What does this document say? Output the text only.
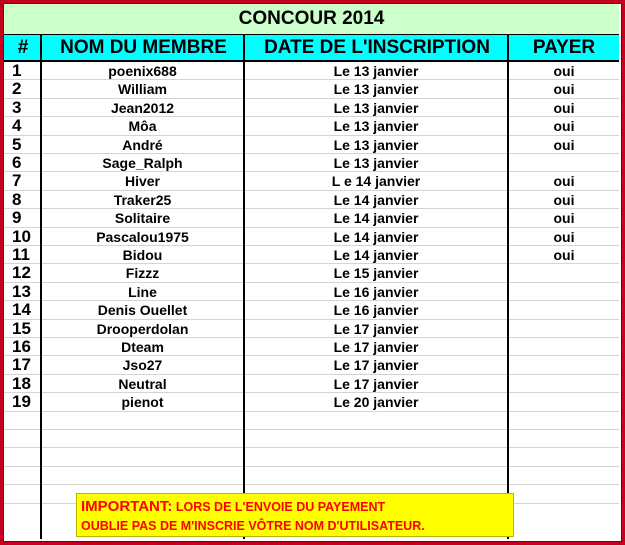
CONCOUR 2014
#	NOM DU MEMBRE	DATE DE L'INSCRIPTION	PAYER
1	poenix688	Le 13 janvier	oui
2	William	Le 13 janvier	oui
3	Jean2012	Le 13 janvier	oui
4	Môa	Le 13 janvier	oui
5	André	Le 13 janvier	oui
6	Sage_Ralph	Le 13 janvier
7	Hiver	L e 14 janvier	oui
8	Traker25	Le 14 janvier	oui
9	Solitaire	Le 14 janvier	oui
10	Pascalou1975	Le 14 janvier	oui
11	Bidou	Le 14 janvier	oui
12	Fizzz	Le 15 janvier
13	Line	Le 16 janvier
14	Denis Ouellet	Le 16 janvier
15	Drooperdolan	Le 17 janvier
16	Dteam	Le 17 janvier
17	Jso27	Le 17 janvier
18	Neutral	Le 17 janvier
19	pienot	Le 20 janvier
IMPORTANT: LORS DE L'ENVOIE DU PAYEMENT
OUBLIE PAS DE M'INSCRIE VÔTRE NOM D'UTILISATEUR.
